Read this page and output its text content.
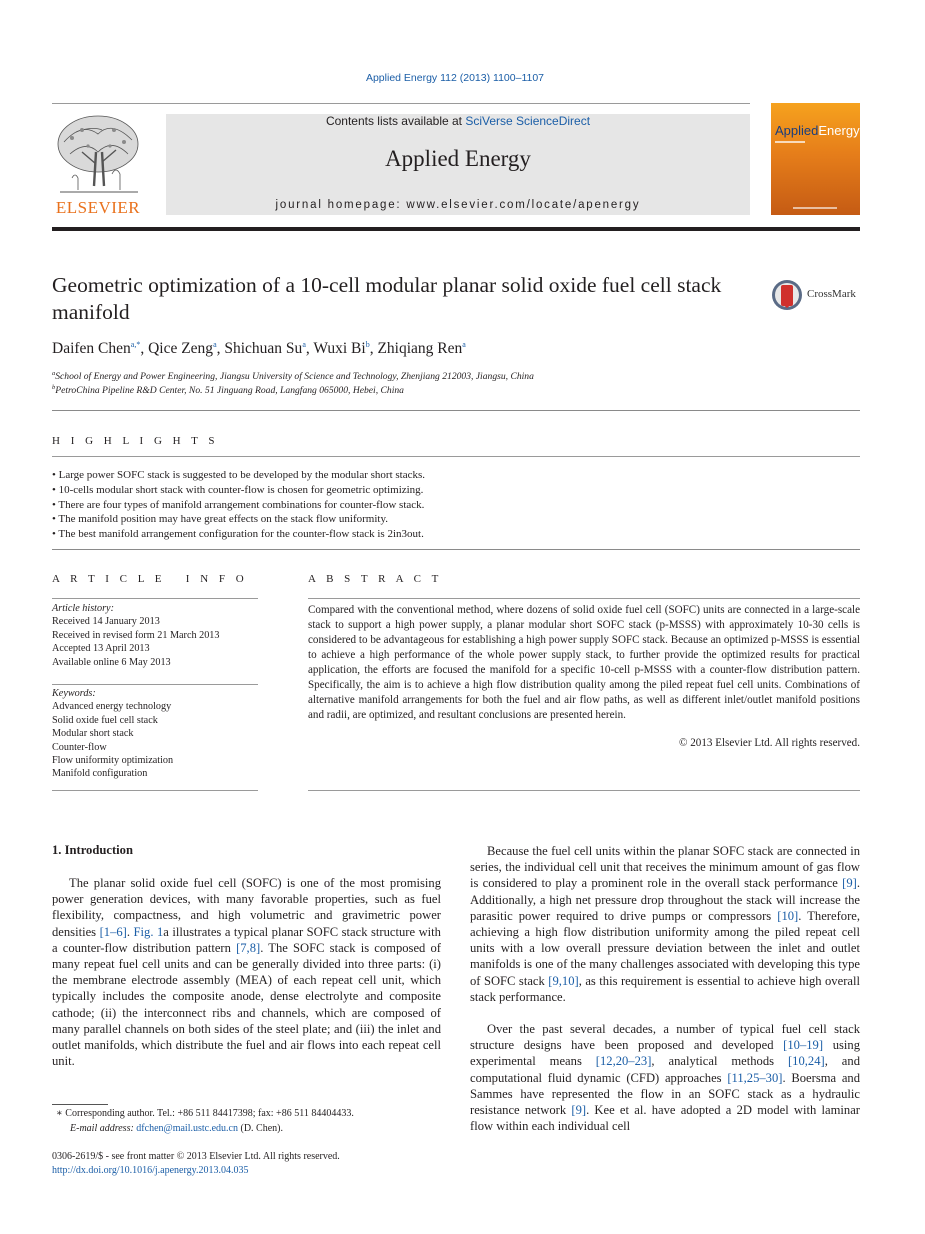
Applied Energy 112 (2013) 1100–1107
ELSEVIER
Contents lists available at SciVerse ScienceDirect
Applied Energy
journal homepage: www.elsevier.com/locate/apenergy
AppliedEnergy
Geometric optimization of a 10-cell modular planar solid oxide fuel cell stack manifold
CrossMark
Daifen Chen$^{a,*}$, Qice Zeng$^a$, Shichuan Su$^a$, Wuxi Bi$^b$, Zhiqiang Ren$^a$
$^a$School of Energy and Power Engineering, Jiangsu University of Science and Technology, Zhenjiang 212003, Jiangsu, China
$^b$PetroChina Pipeline R&D Center, No. 51 Jinguang Road, Langfang 065000, Hebei, China
H I G H L I G H T S
• Large power SOFC stack is suggested to be developed by the modular short stacks.
• 10-cells modular short stack with counter-flow is chosen for geometric optimizing.
• There are four types of manifold arrangement combinations for counter-flow stack.
• The manifold position may have great effects on the stack flow uniformity.
• The best manifold arrangement configuration for the counter-flow stack is 2in3out.
A R T I C L E   I N F O
Article history:
Received 14 January 2013
Received in revised form 21 March 2013
Accepted 13 April 2013
Available online 6 May 2013
Keywords:
Advanced energy technology
Solid oxide fuel cell stack
Modular short stack
Counter-flow
Flow uniformity optimization
Manifold configuration
A B S T R A C T
Compared with the conventional method, where dozens of solid oxide fuel cell (SOFC) units are connected in a large-scale stack to support a high power supply, a planar modular short SOFC stack (p-MSSS) with approximately 10-30 cells is considered to be advantageous for establishing a high power supply SOFC stack. Because an optimized p-MSSS is essential to achieve a high performance of the whole power supply stack, to further provide the optimized results for practical application, the efforts are focused the manifold for a specific 10-cell p-MSSS with a counter-flow distribution pattern. Specifically, the aim is to achieve a high flow distribution quality among the piled repeat fuel cell units. Combinations of alternative manifold arrangements for both the fuel and air flow paths, as well as different inlet/outlet manifold positions and radii, are optimized, and resultant conclusions are presented herein.
© 2013 Elsevier Ltd. All rights reserved.
1. Introduction
The planar solid oxide fuel cell (SOFC) is one of the most promising power generation devices, with many favorable properties, such as fuel flexibility, compactness, and high volumetric and gravimetric power densities [1–6]. Fig. 1a illustrates a typical planar SOFC stack structure with a counter-flow distribution pattern [7,8]. The SOFC stack is composed of many repeat fuel cell units and can be generally divided into three parts: (i) the membrane electrode assembly (MEA) of each repeat cell unit, which typically includes the composite anode, dense electrolyte and composite cathode; (ii) the interconnect ribs and channels, which are composed of many parallel channels on both sides of the steel plate; and (iii) the inlet and outlet manifolds, which distribute the fuel and air flows into each repeat cell unit.
Because the fuel cell units within the planar SOFC stack are connected in series, the individual cell unit that receives the minimum amount of gas flow is considered to play a prominent role in the overall stack performance [9]. Additionally, a high net pressure drop throughout the stack will increase the parasitic power required to drive pumps or compressors [10]. Therefore, achieving a high flow distribution uniformity among the piled repeat cell units with a low overall pressure deviation between the inlet and outlet manifolds is one of the many challenges associated with developing this type of SOFC stack [9,10], as this requirement is essential to achieve high overall stack performance.
Over the past several decades, a number of typical fuel cell stack structure designs have been proposed and developed [10–19] using experimental means [12,20–23], analytical methods [10,24], and computational fluid dynamic (CFD) approaches [11,25–30]. Boersma and Sammes have represented the flow in an SOFC stack as a hydraulic resistance network [9]. Kee et al. have adopted a 2D model with laminar flow within each individual cell
∗ Corresponding author. Tel.: +86 511 84417398; fax: +86 511 84404433.
E-mail address: dfchen@mail.ustc.edu.cn (D. Chen).
0306-2619/$ - see front matter © 2013 Elsevier Ltd. All rights reserved.
http://dx.doi.org/10.1016/j.apenergy.2013.04.035
